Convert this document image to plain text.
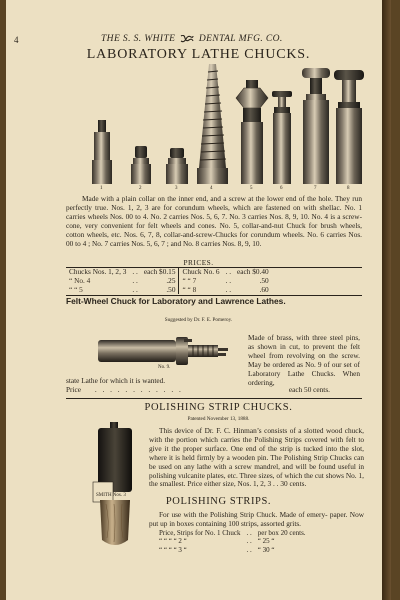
4	THE S. S. WHITE DENTAL MFG. CO.
LABORATORY LATHE CHUCKS.
1	2	3	4	5	6	7	8
Made with a plain collar on the inner end, and a screw at the lower end of the hole. They run perfectly true. Nos. 1, 2, 3 are for corundum wheels, which are fastened on with shellac. No. 1 carries wheels Nos. 00 to 4. No. 2 carries Nos. 5, 6, 7. No. 3 carries Nos. 8, 9, 10. No. 4 is a screw-cone, very convenient for felt wheels and cones. No. 5, collar-and-nut Chuck for brush wheels, cotton wheels, etc. Nos. 6, 7, 8, collar-and-screw-Chucks for corundum wheels. No. 6 carries Nos. 00 to 4 ; No. 7 carries Nos. 5, 6, 7 ; and No. 8 carries Nos. 8, 9, 10.
PRICES.
Chucks Nos. 1, 2, 3	. .	each $0.15	Chuck No. 6	. .	each $0.40
“ No. 4	. .	.25	“ “ 7	. .	.50
“ “ 5	. .	.50	“ “ 8	. .	.60
Felt-Wheel Chuck for Laboratory and Lawrence Lathes.
Suggested by Dr. F. E. Pomeroy.
No. 9.
Made of brass, with three steel pins, as shown in cut, to prevent the felt wheel from revolving on the screw. May be ordered as No. 9 of our set of Laboratory Lathe Chucks. When ordering,
state Lathe for which it is wanted.
Price . . . . . . . . . . . .	each 50 cents.
POLISHING STRIP CHUCKS.
Patented November 13, 1888.
SMITH Nos. 3
This device of Dr. F. C. Hinman’s consists of a slotted wood chuck, with the portion which carries the Polishing Strips covered with felt to give it the proper surface. One end of the strip is tucked into the slot, where it is held firmly by a wooden pin. The Polishing Strip Chucks can be used on any lathe with a screw mandrel, and will be found useful in polishing vulcanite plates, etc. Three sizes, of which the cut shows No. 1, the smallest. Price either size, Nos. 1, 2, 3 . . 30 cents.
POLISHING STRIPS.
For use with the Polishing Strip Chuck. Made of emery- paper. Now put up in boxes containing 100 strips, assorted grits.
Price, Strips for No. 1 Chuck	. .	per box 20 cents.
“ “ “ “ 2 “	. .	“ 25 “
“ “ “ “ 3 “	. .	“ 30 “
